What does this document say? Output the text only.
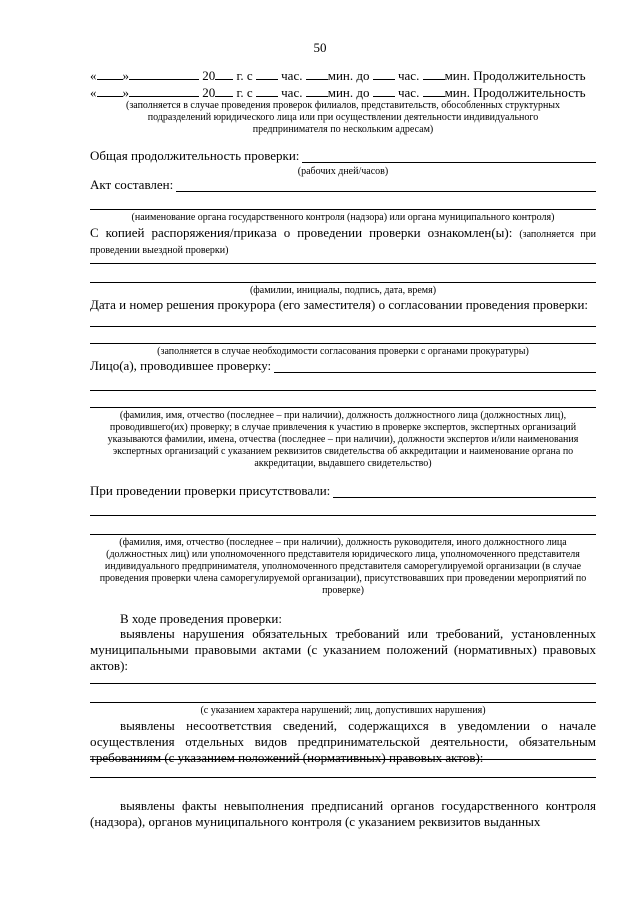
50
« »	20 г. с час. мин. до час. мин. Продолжительность
« »	20 г. с час. мин. до час. мин. Продолжительность
(заполняется в случае проведения проверок филиалов, представительств, обособленных структурных подразделений юридического лица или при осуществлении деятельности индивидуального предпринимателя по нескольким адресам)
Общая продолжительность проверки:
(рабочих дней/часов)
Акт составлен:
(наименование органа государственного контроля (надзора) или органа муниципального контроля)
С копией распоряжения/приказа о проведении проверки ознакомлен(ы): (заполняется при проведении выездной проверки)
(фамилии, инициалы, подпись, дата, время)
Дата и номер решения прокурора (его заместителя) о согласовании проведения проверки:
(заполняется в случае необходимости согласования проверки с органами прокуратуры)
Лицо(а), проводившее проверку:
(фамилия, имя, отчество (последнее – при наличии), должность должностного лица (должностных лиц), проводившего(их) проверку; в случае привлечения к участию в проверке экспертов, экспертных организаций указываются фамилии, имена, отчества (последнее – при наличии), должности экспертов и/или наименования экспертных организаций с указанием реквизитов свидетельства об аккредитации и наименование органа по аккредитации, выдавшего свидетельство)
При проведении проверки присутствовали:
(фамилия, имя, отчество (последнее – при наличии), должность руководителя, иного должностного лица (должностных лиц) или уполномоченного представителя юридического лица, уполномоченного представителя индивидуального предпринимателя, уполномоченного представителя саморегулируемой организации (в случае проведения проверки члена саморегулируемой организации), присутствовавших при проведении мероприятий по проверке)
В ходе проведения проверки:
выявлены нарушения обязательных требований или требований, установленных муниципальными правовыми актами (с указанием положений (нормативных) правовых актов):
(с указанием характера нарушений; лиц, допустивших нарушения)
выявлены несоответствия сведений, содержащихся в уведомлении о начале осуществления отдельных видов предпринимательской деятельности, обязательным требованиям (с указанием положений (нормативных) правовых актов):
выявлены факты невыполнения предписаний органов государственного контроля (надзора), органов муниципального контроля (с указанием реквизитов выданных
